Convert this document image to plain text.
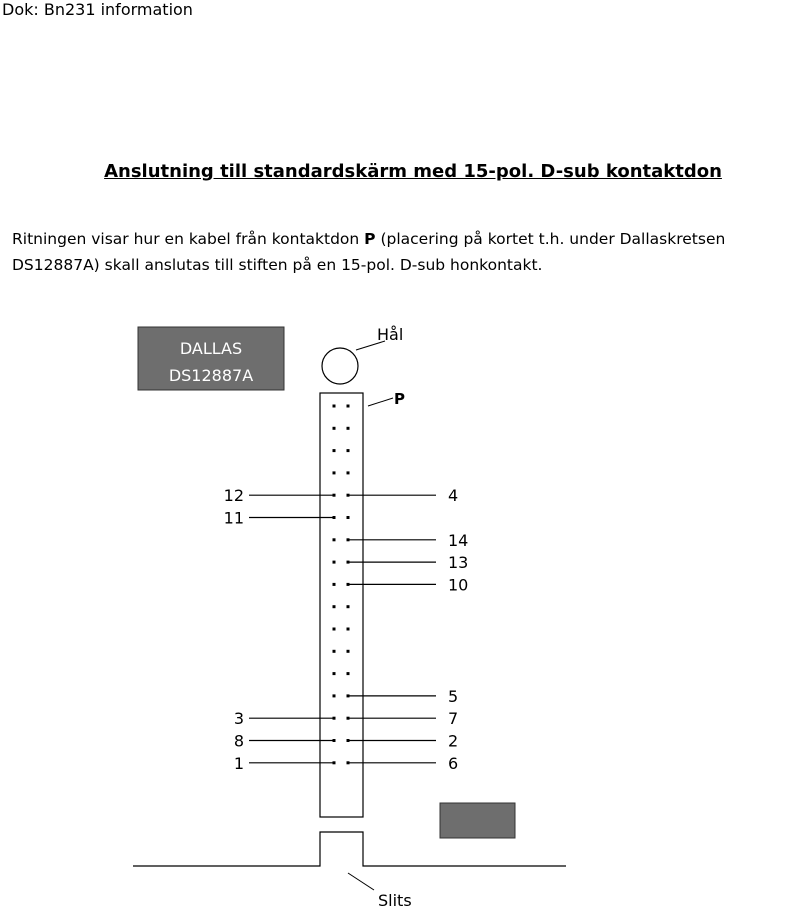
Dok: Bn231 information
Anslutning till standardskärm med 15-pol. D-sub kontaktdon
Ritningen visar hur en kabel från kontaktdon P (placering på kortet t.h. under Dallaskretsen
DS12887A) skall anslutas till stiften på en 15-pol. D-sub honkontakt.
DALLAS
DS12887A
Hål
P
12
11
3
8
1
4
14
13
10
5
7
2
6
Slits
